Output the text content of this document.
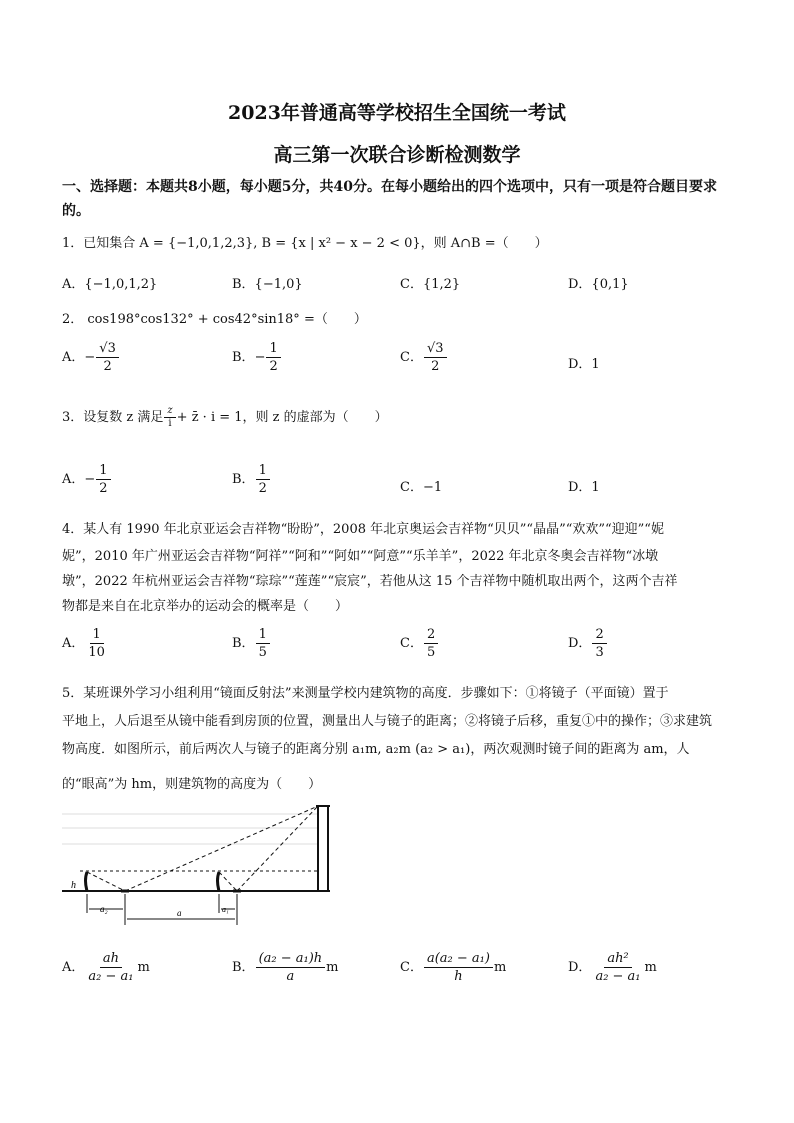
2023年普通高等学校招生全国统一考试
高三第一次联合诊断检测数学
一、选择题：本题共8小题，每小题5分，共40分。在每小题给出的四个选项中，只有一项是符合题目要求
的。
1．已知集合 A = {−1,0,1,2,3}, B = {x | x² − x − 2 < 0}，则 A∩B =（　　）
A．{−1,0,1,2}	B．{−1,0}	C．{1,2}	D．{0,1}
2． cos198°cos132° + cos42°sin18° =（　　）
A．− $\frac{√3}{2}$	B．− $\frac{1}{2}$	C． $\frac{√3}{2}$	D．1
3．设复数 z 满足 $\frac{z}{i}$ + z̄ · i = 1，则 z 的虚部为（　　）
A．− $\frac{1}{2}$	B． $\frac{1}{2}$	C．−1	D．1
4．某人有 1990 年北京亚运会吉祥物“盼盼”，2008 年北京奥运会吉祥物“贝贝”“晶晶”“欢欢”“迎迎”“妮
妮”，2010 年广州亚运会吉祥物“阿祥”“阿和”“阿如”“阿意”“乐羊羊”，2022 年北京冬奥会吉祥物“冰墩
墩”，2022 年杭州亚运会吉祥物“琮琮”“莲莲”“宸宸”，若他从这 15 个吉祥物中随机取出两个，这两个吉祥
物都是来自在北京举办的运动会的概率是（　　）
A． $\frac{1}{10}$	B． $\frac{1}{5}$	C． $\frac{2}{5}$	D． $\frac{2}{3}$
5．某班课外学习小组利用“镜面反射法”来测量学校内建筑物的高度．步骤如下：①将镜子（平面镜）置于
平地上，人后退至从镜中能看到房顶的位置，测量出人与镜子的距离；②将镜子后移，重复①中的操作；③求建筑
物高度．如图所示，前后两次人与镜子的距离分别 a₁m, a₂m (a₂ > a₁)，两次观测时镜子间的距离为 am，人
的“眼高”为 hm，则建筑物的高度为（　　）
h
a₂	a	a₁
A． $\frac{ah}{\text{a₂ − a₁}}$ m	B． $\frac{\text{(a₂ − a₁)h}}{a}$ m	C． $\frac{\text{a(a₂ − a₁)}}{h}$ m	D． $\frac{\text{ah²}}{\text{a₂ − a₁}}$ m
